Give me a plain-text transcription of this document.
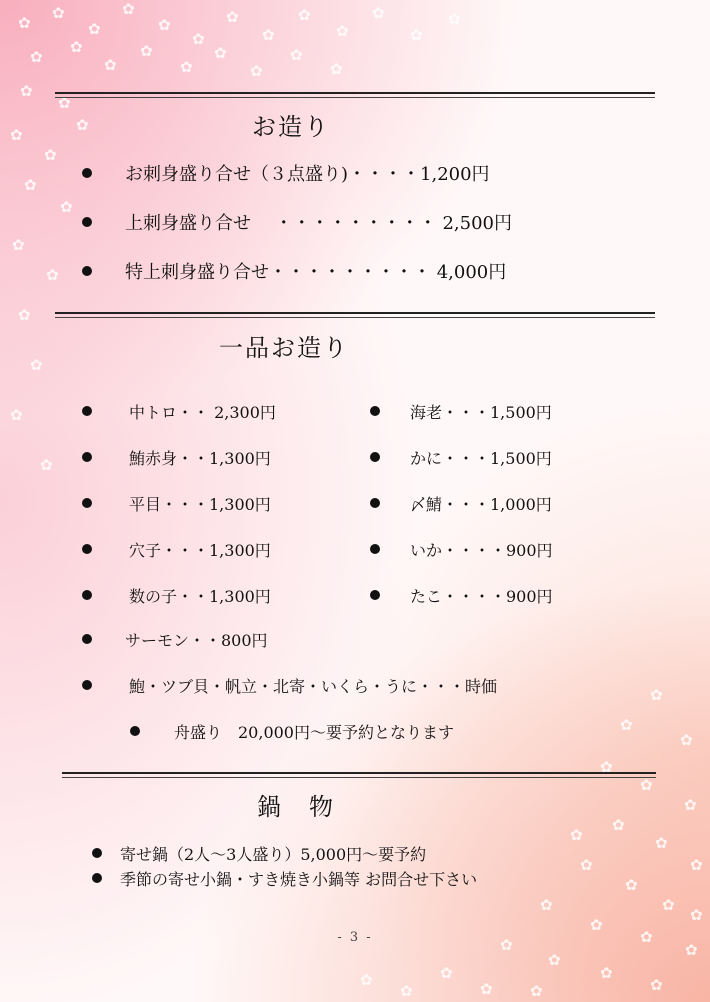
✿
✿
✿
✿
✿
✿
✿
✿
✿
✿
✿
✿
✿
✿
✿
✿
✿
✿
✿
✿
✿
✿
✿
✿
✿
✿
✿
✿
✿
✿
✿
✿
✿
✿
✿
✿
✿
✿
✿
✿
✿
✿
✿
✿
✿
✿
✿
✿
✿
✿
✿
✿
✿
✿
✿
✿
✿ ✿
✿
✿
✿
✿
お造り
お刺身盛り合せ（３点盛り)・・・・1,200円
上刺身盛り合せ　 ・・・・・・・・・ 2,500円
特上刺身盛り合せ・・・・・・・・・ 4,000円
一品お造り
中トロ・・ 2,300円
鮪赤身・・1,300円
平目・・・1,300円
穴子・・・1,300円
数の子・・1,300円
サーモン・・800円
鮑・ツブ貝・帆立・北寄・いくら・うに・・・時価
海老・・・1,500円
かに・・・1,500円
〆鯖・・・1,000円
いか・・・・900円
たこ・・・・900円
舟盛り　20,000円～要予約となります
鍋　物
寄せ鍋（2人～3人盛り）5,000円～要予約
季節の寄せ小鍋・すき焼き小鍋等 お問合せ下さい
- 3 -
